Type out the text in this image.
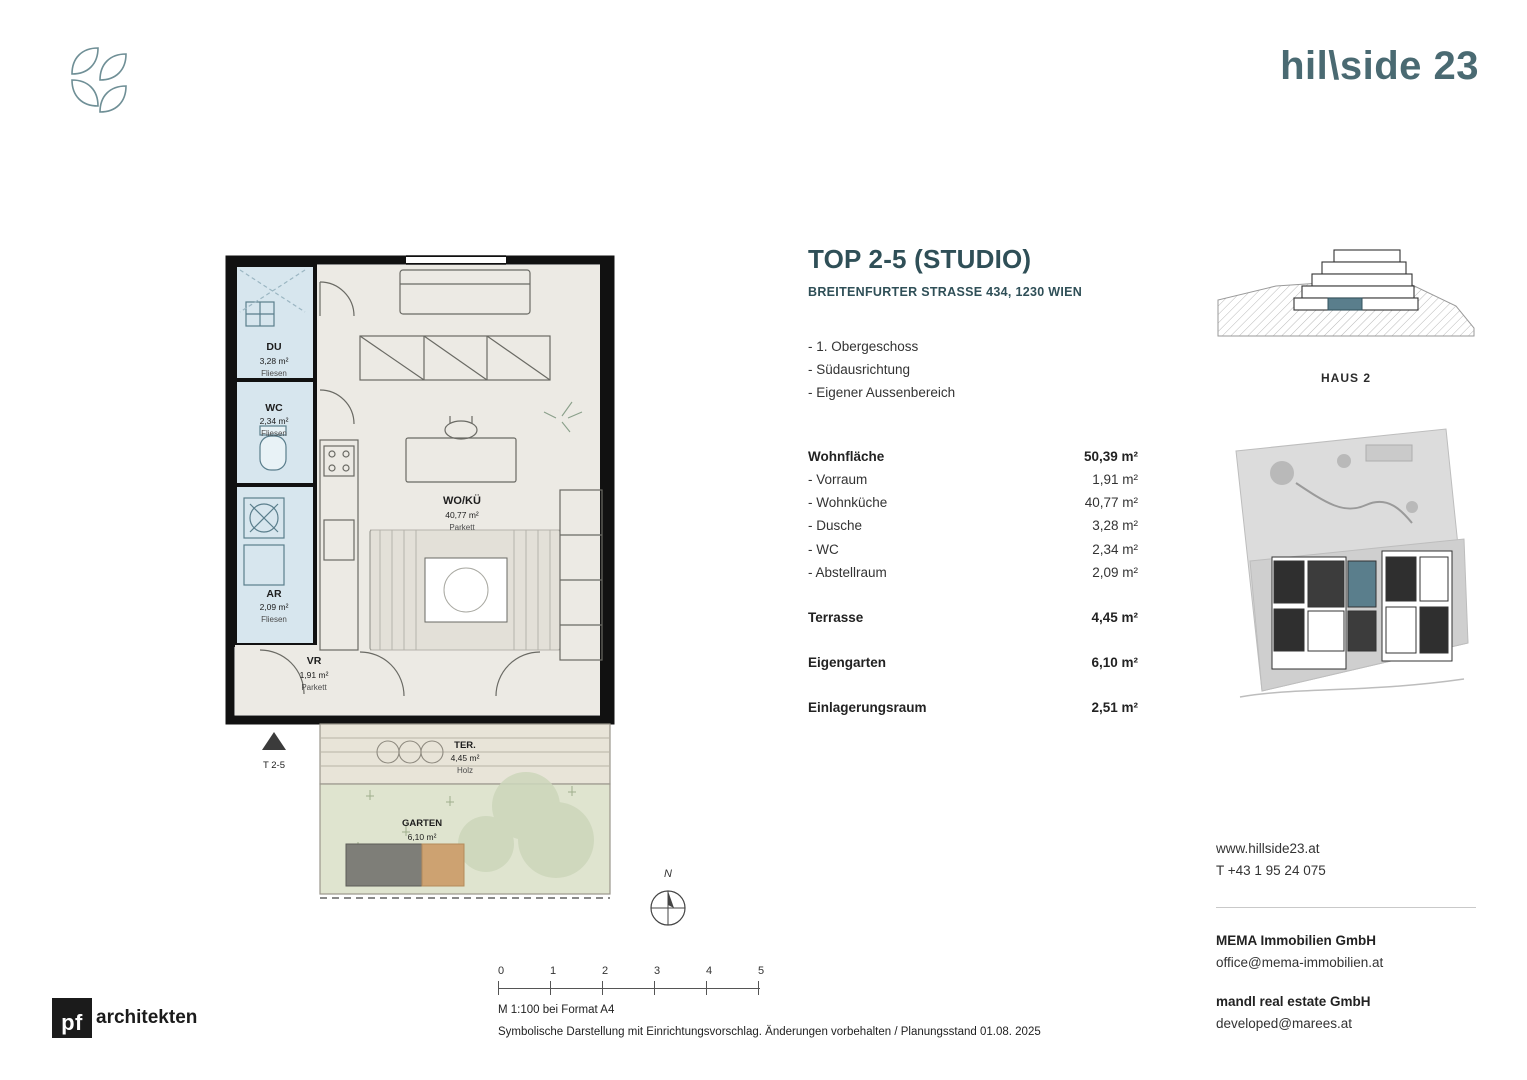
hil\side 23
DU
3,28 m²
Fliesen
WC
2,34 m²
Fliesen
AR
2,09 m²
Fliesen
VR
1,91 m²
Parkett
WO/KÜ
40,77 m²
Parkett
TER.
4,45 m²
Holz
GARTEN
6,10 m²
T 2-5
N
TOP 2-5 (STUDIO)
BREITENFURTER STRASSE 434, 1230 WIEN
- 1. Obergeschoss
- Südausrichtung
- Eigener Aussenbereich
Wohnfläche	50,39 m²
- Vorraum	1,91 m²
- Wohnküche	40,77 m²
- Dusche	3,28 m²
- WC	2,34 m²
- Abstellraum	2,09 m²
Terrasse	4,45 m²
Eigengarten	6,10 m²
Einlagerungsraum	2,51 m²
HAUS 2
www.hillside23.at
T +43 1 95 24 075
MEMA Immobilien GmbH
office@mema-immobilien.at
mandl real estate GmbH
developed@marees.at
pf architekten
0	1	2	3	4	5
M 1:100 bei Format A4
Symbolische Darstellung mit Einrichtungsvorschlag. Änderungen vorbehalten / Planungsstand 01.08. 2025
